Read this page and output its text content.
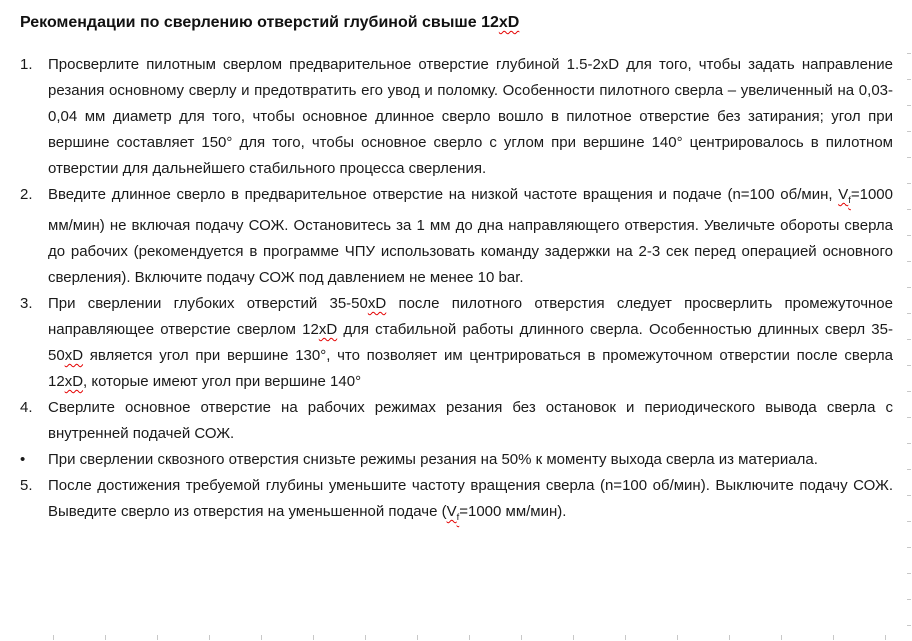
Рекомендации по сверлению отверстий глубиной свыше 12xD
1.	Просверлите пилотным сверлом предварительное отверстие глубиной 1.5-2xD для того, чтобы задать направление резания основному сверлу и предотвратить его увод и поломку. Особенности пилотного сверла – увеличенный на 0,03-0,04 мм диаметр для того, чтобы основное длинное сверло вошло в пилотное отверстие без затирания; угол при вершине составляет 150° для того, чтобы основное сверло с углом при вершине 140° центрировалось в пилотном отверстии для дальнейшего стабильного процесса сверления.
2.	Введите длинное сверло в предварительное отверстие на низкой частоте вращения и подаче (n=100 об/мин, $V_f=1000$ мм/мин) не включая подачу СОЖ. Остановитесь за 1 мм до дна направляющего отверстия. Увеличьте обороты сверла до рабочих (рекомендуется в программе ЧПУ использовать команду задержки на 2-3 сек перед операцией основного сверления). Включите подачу СОЖ под давлением не менее 10 bar.
3.	При сверлении глубоких отверстий 35-50xD после пилотного отверстия следует просверлить промежуточное направляющее отверстие сверлом 12xD для стабильной работы длинного сверла. Особенностью длинных сверл 35-50xD является угол при вершине 130°, что позволяет им центрироваться в промежуточном отверстии после сверла 12xD, которые имеют угол при вершине 140°
4.	Сверлите основное отверстие на рабочих режимах резания без остановок и периодического вывода сверла с внутренней подачей СОЖ.
•	При сверлении сквозного отверстия снизьте режимы резания на 50% к моменту выхода сверла из материала.
5.	После достижения требуемой глубины уменьшите частоту вращения сверла (n=100 об/мин). Выключите подачу СОЖ. Выведите сверло из отверстия на уменьшенной подаче ($V_f=1000$ мм/мин).
